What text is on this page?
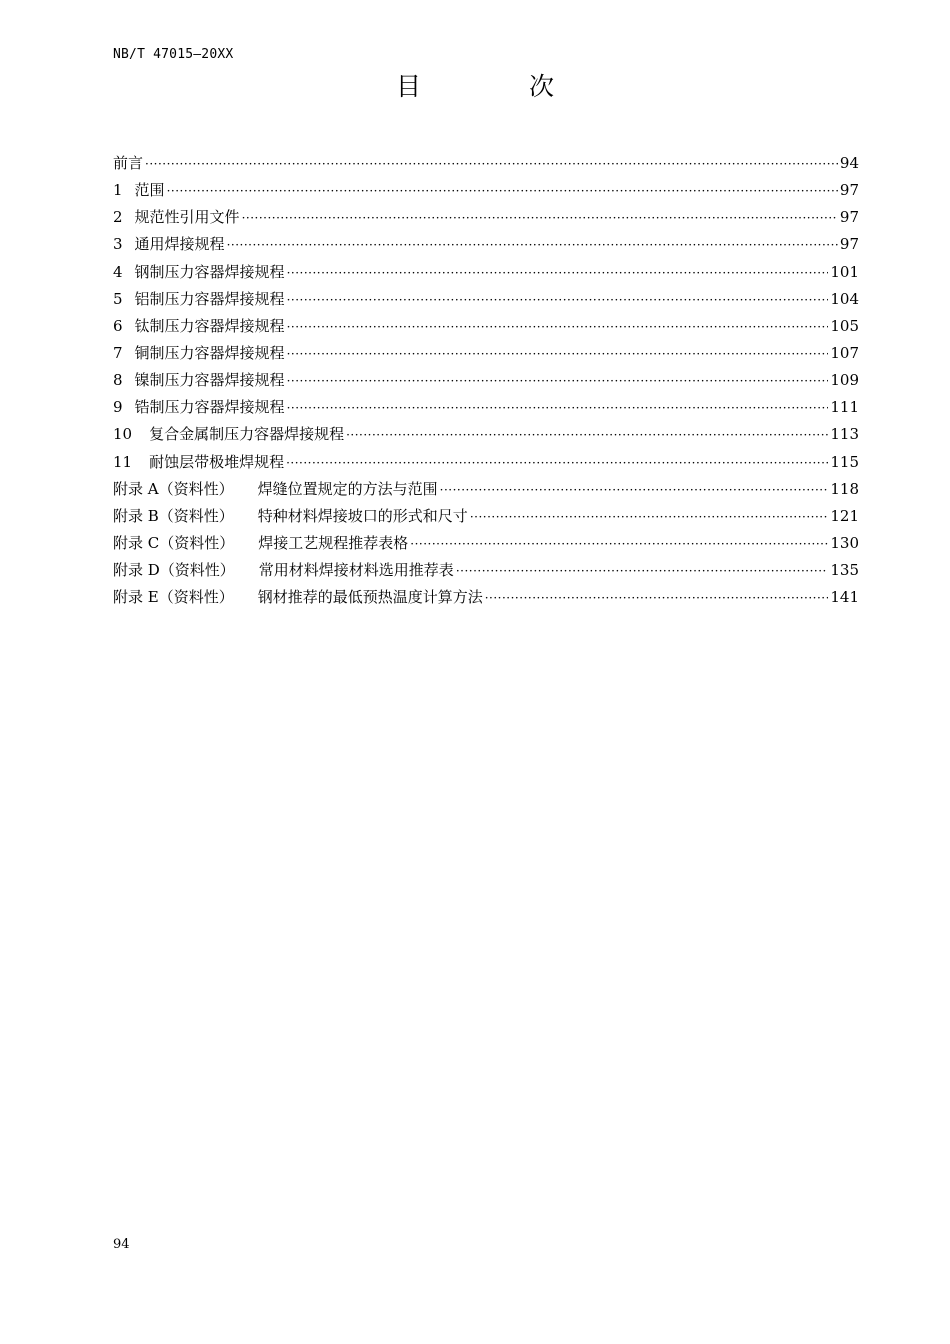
NB/T 47015—20XX
目 次
前言 ·····	94
1 范围 ·····	97
2 规范性引用文件 ·····	97
3 通用焊接规程 ·····	97
4 钢制压力容器焊接规程 ·····	101
5 铝制压力容器焊接规程 ·····	104
6 钛制压力容器焊接规程 ·····	105
7 铜制压力容器焊接规程 ·····	107
8 镍制压力容器焊接规程 ·····	109
9 锆制压力容器焊接规程 ·····	111
10 复合金属制压力容器焊接规程 ·····	113
11 耐蚀层带极堆焊规程 ·····	115
附录 A（资料性） 焊缝位置规定的方法与范围 ·····	118
附录 B（资料性） 特种材料焊接坡口的形式和尺寸 ·····	121
附录 C（资料性） 焊接工艺规程推荐表格 ·····	130
附录 D（资料性） 常用材料焊接材料选用推荐表 ·····	135
附录 E（资料性） 钢材推荐的最低预热温度计算方法 ·····	141
94
